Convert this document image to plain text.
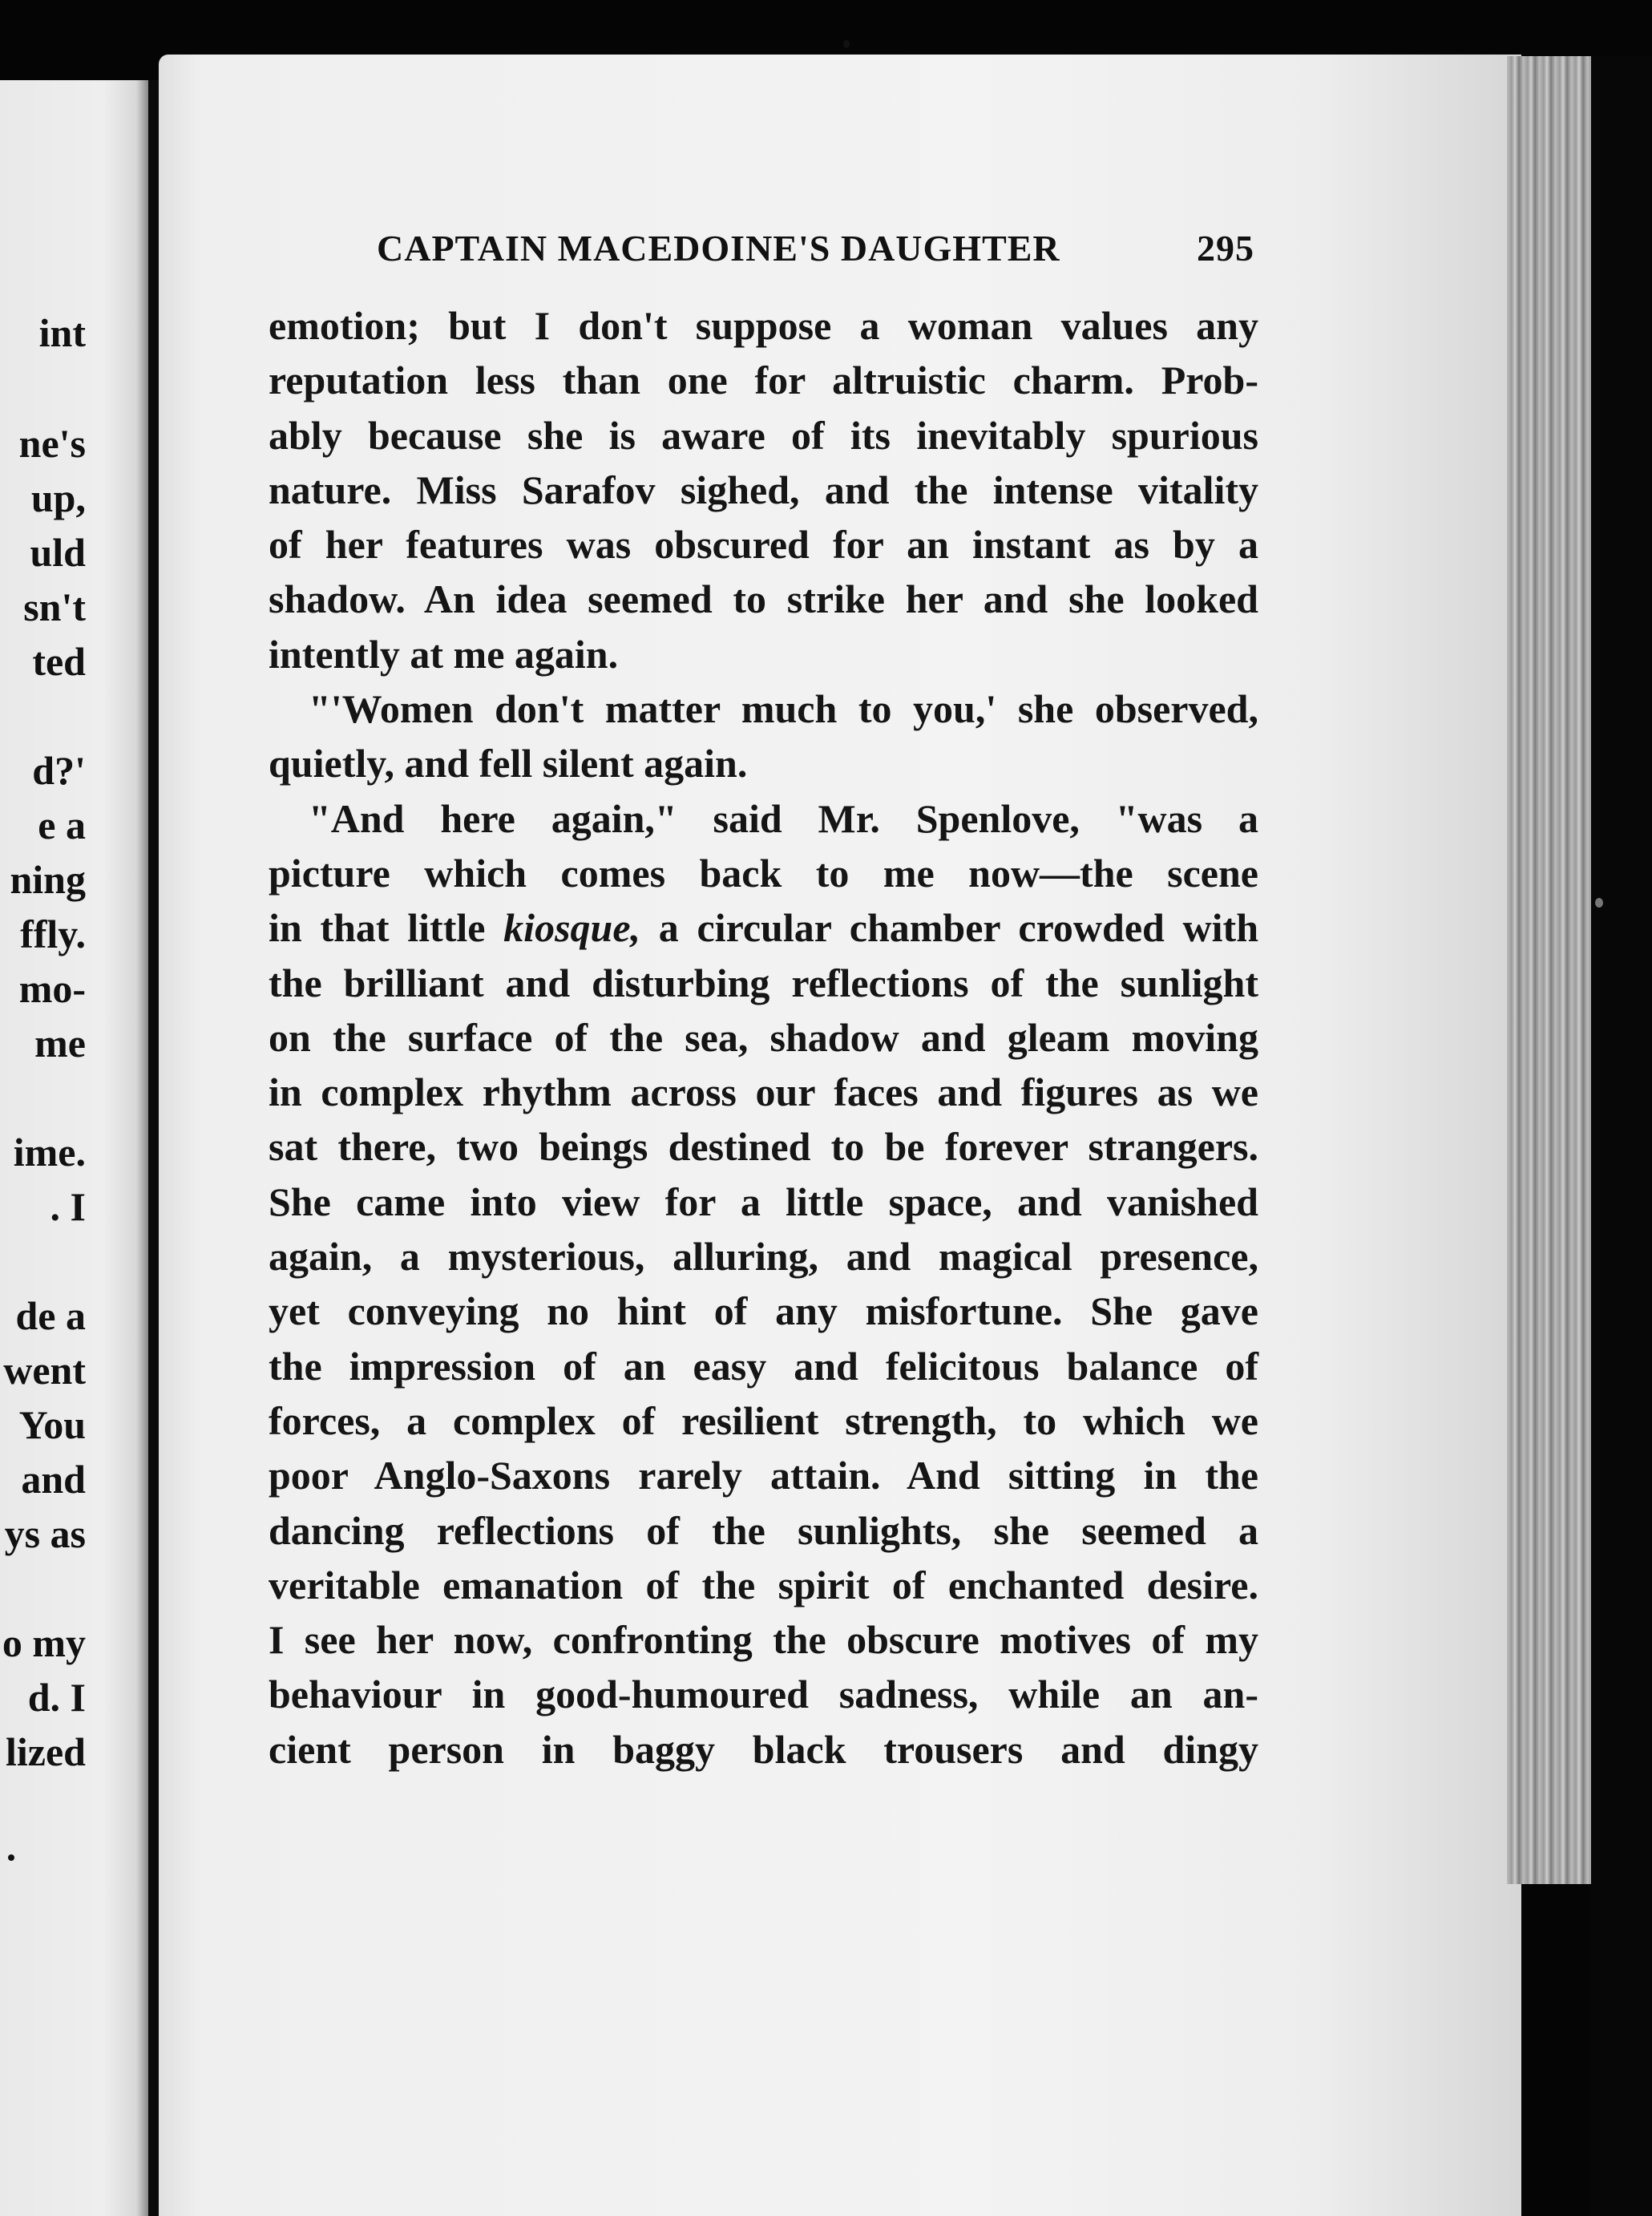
int
ne's
up,
uld
sn't
ted
d?'
e a
ning
ffly.
mo-
me
ime.
. I
de a
went
You
and
ys as
o my
d. I
lized
CAPTAIN MACEDOINE'S DAUGHTER	295
emotion; but I don't suppose a woman values any
reputation less than one for altruistic charm. Prob-
ably because she is aware of its inevitably spurious
nature. Miss Sarafov sighed, and the intense vitality
of her features was obscured for an instant as by a
shadow. An idea seemed to strike her and she looked
intently at me again.
"'Women don't matter much to you,' she observed,
quietly, and fell silent again.
"And here again," said Mr. Spenlove, "was a
picture which comes back to me now—the scene
in that little kiosque, a circular chamber crowded with
the brilliant and disturbing reflections of the sunlight
on the surface of the sea, shadow and gleam moving
in complex rhythm across our faces and figures as we
sat there, two beings destined to be forever strangers.
She came into view for a little space, and vanished
again, a mysterious, alluring, and magical presence,
yet conveying no hint of any misfortune. She gave
the impression of an easy and felicitous balance of
forces, a complex of resilient strength, to which we
poor Anglo-Saxons rarely attain. And sitting in the
dancing reflections of the sunlights, she seemed a
veritable emanation of the spirit of enchanted desire.
I see her now, confronting the obscure motives of my
behaviour in good-humoured sadness, while an an-
cient person in baggy black trousers and dingy
